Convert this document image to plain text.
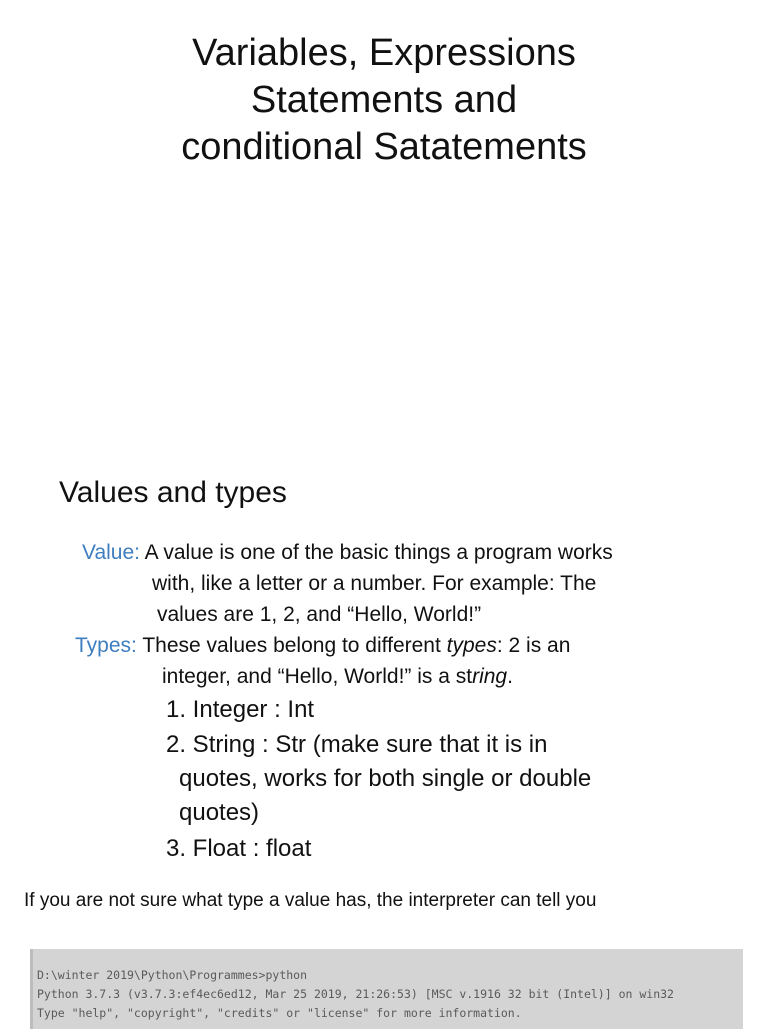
Variables, Expressions
Statements and
conditional Satatements
Values and types
Value: A value is one of the basic things a program works
with, like a letter or a number. For example: The
values are 1, 2, and “Hello, World!”
Types: These values belong to different types: 2 is an
integer, and “Hello, World!” is a string.
1. Integer : Int
2. String : Str (make sure that it is in
quotes, works for both single or double
quotes)
3. Float : float
If you are not sure what type a value has, the interpreter can tell you
D:\winter 2019\Python\Programmes>python
Python 3.7.3 (v3.7.3:ef4ec6ed12, Mar 25 2019, 21:26:53) [MSC v.1916 32 bit (Intel)] on win32
Type "help", "copyright", "credits" or "license" for more information.
